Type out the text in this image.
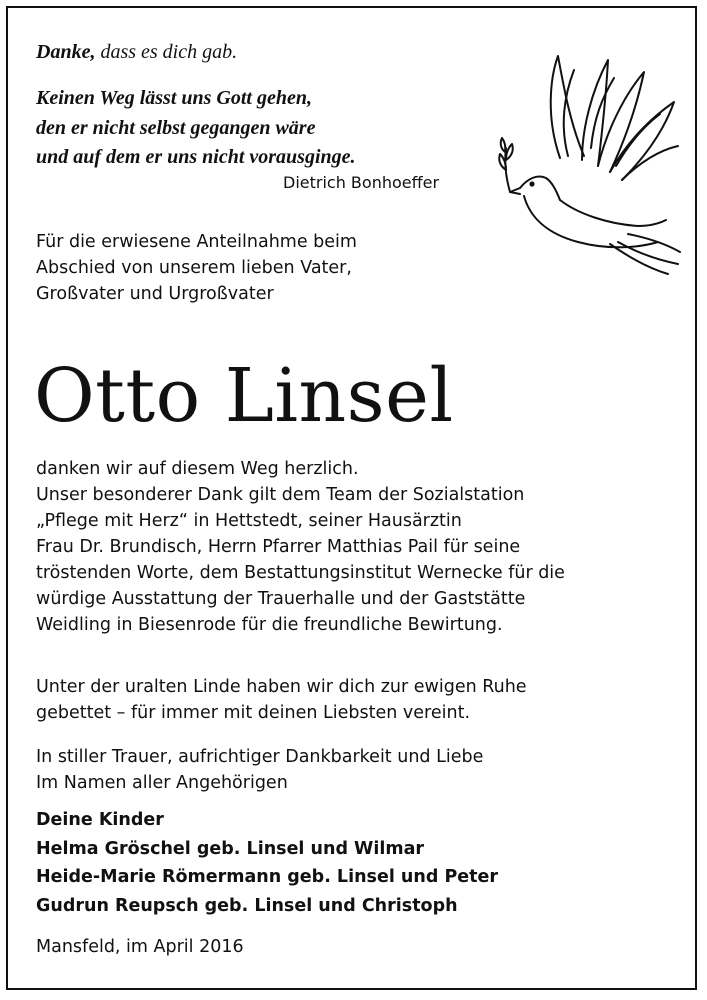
Danke, dass es dich gab.
Keinen Weg lässt uns Gott gehen,
den er nicht selbst gegangen wäre
und auf dem er uns nicht vorausginge.
Dietrich Bonhoeffer
Für die erwiesene Anteilnahme beim
Abschied von unserem lieben Vater,
Großvater und Urgroßvater
Otto Linsel
danken wir auf diesem Weg herzlich.
Unser besonderer Dank gilt dem Team der Sozialstation
„Pflege mit Herz“ in Hettstedt, seiner Hausärztin
Frau Dr. Brundisch, Herrn Pfarrer Matthias Pail für seine
tröstenden Worte, dem Bestattungsinstitut Wernecke für die
würdige Ausstattung der Trauerhalle und der Gaststätte
Weidling in Biesenrode für die freundliche Bewirtung.
Unter der uralten Linde haben wir dich zur ewigen Ruhe
gebettet – für immer mit deinen Liebsten vereint.
In stiller Trauer, aufrichtiger Dankbarkeit und Liebe
Im Namen aller Angehörigen
Deine Kinder
Helma Gröschel geb. Linsel und Wilmar
Heide-Marie Römermann geb. Linsel und Peter
Gudrun Reupsch geb. Linsel und Christoph
Mansfeld, im April 2016
